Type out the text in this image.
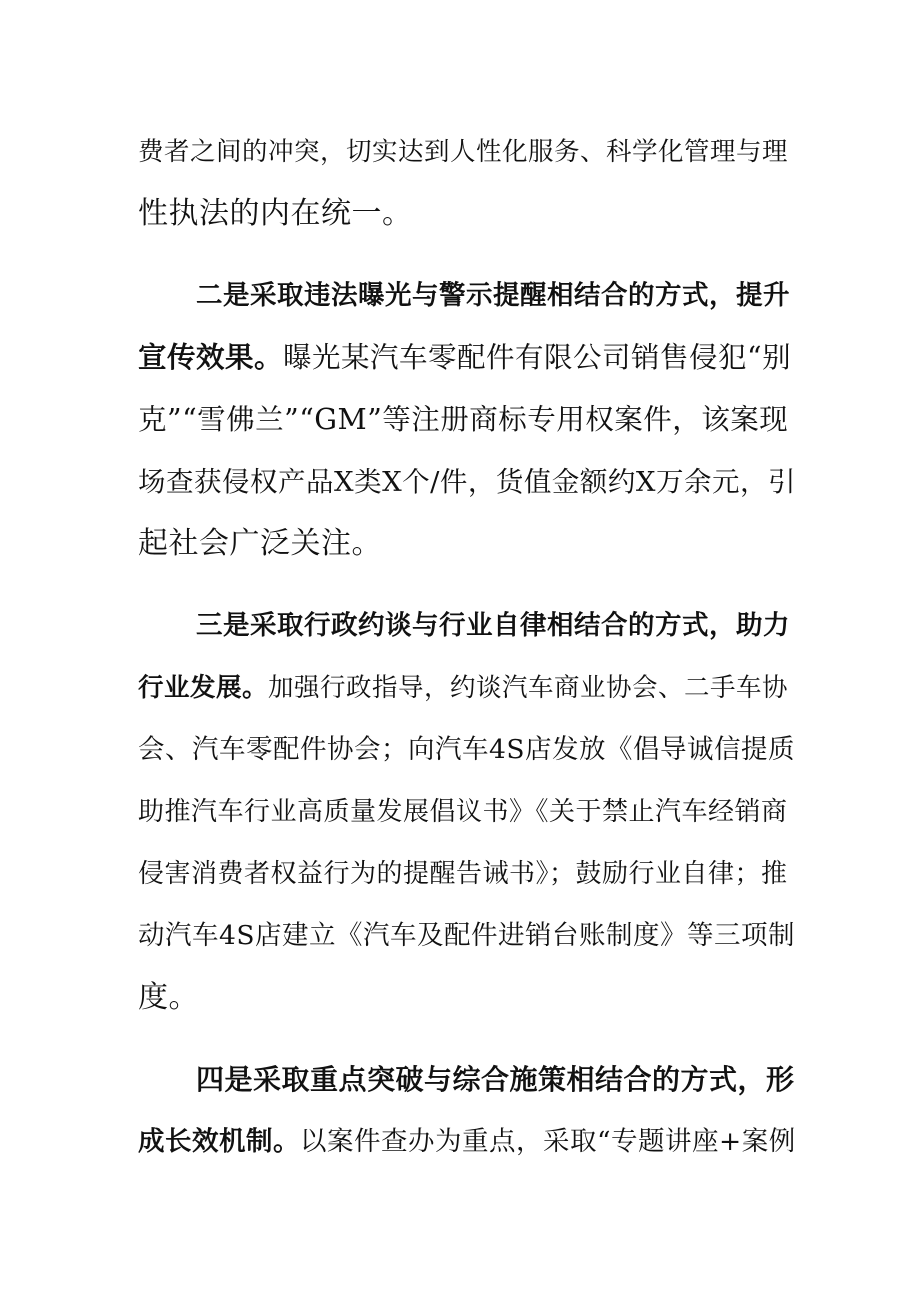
费者之间的冲突，切实达到人性化服务、科学化管理与理
性执法的内在统一。
二是采取违法曝光与警示提醒相结合的方式，提升
宣传效果。曝光某汽车零配件有限公司销售侵犯“别
克”“雪佛兰”“GM”等注册商标专用权案件，该案现
场查获侵权产品X类X个/件，货值金额约X万余元，引
起社会广泛关注。
三是采取行政约谈与行业自律相结合的方式，助力
行业发展。加强行政指导，约谈汽车商业协会、二手车协
会、汽车零配件协会；向汽车4S店发放《倡导诚信提质
助推汽车行业高质量发展倡议书》《关于禁止汽车经销商
侵害消费者权益行为的提醒告诫书》；鼓励行业自律；推
动汽车4S店建立《汽车及配件进销台账制度》等三项制
度。
四是采取重点突破与综合施策相结合的方式，形
成长效机制。以案件查办为重点，采取“专题讲座+案例
